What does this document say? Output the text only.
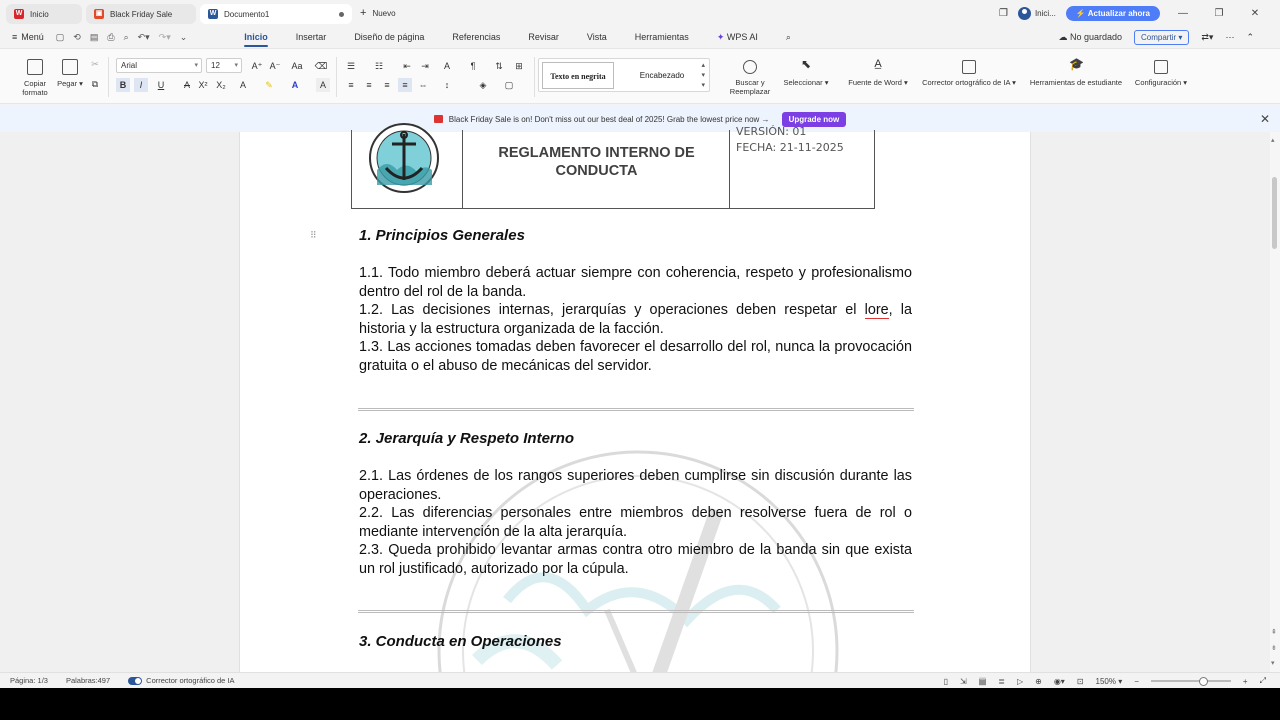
W Inicio	▣ Black Friday Sale	W Documento1	+ Nuevo	❐	Inici...	⚡ Actualizar ahora	—	❐	✕
≡ Menú ▢ ⟲ ▤ ⎙ ⌕ ↶▾ ↷▾ ⌄	Inicio	Insertar	Diseño de página	Referencias	Revisar	Vista	Herramientas	✦ WPS AI	⌕	☁ No guardado	Compartir ▾	⇄▾ ⋯ ⌃
Copiar formato
Pegar ▾
✂
⧉
Arial ▾	12 ▾	A⁺ A⁻ Aa ⌫
B	I	U	A X² X₂	A	✎	A	A
☰	☷	⇤	⇥	A	¶	⇅	⊞
≡	≡	≡	≡	⇔	↕	◈	▢
Texto en negrita	Encabezado
▴
▾
▾	Buscar y Reemplazar
⬉
Seleccionar ▾
A̲
Fuente de Word ▾	Corrector ortográfico de IA ▾
🎓
Herramientas de estudiante	Configuración ▾
Black Friday Sale is on! Don't miss out our best deal of 2025! Grab the lowest price now →	Upgrade now	✕
REGLAMENTO INTERNO DE CONDUCTA
VERSIÓN: 01
FECHA: 21-11-2025
⠿	1. Principios Generales
1.1. Todo miembro deberá actuar siempre con coherencia, respeto y profesionalismo dentro del rol de la banda.
1.2. Las decisiones internas, jerarquías y operaciones deben respetar el lore, la historia y la estructura organizada de la facción.
1.3. Las acciones tomadas deben favorecer el desarrollo del rol, nunca la provocación gratuita o el abuso de mecánicas del servidor.
2. Jerarquía y Respeto Interno
2.1. Las órdenes de los rangos superiores deben cumplirse sin discusión durante las operaciones.
2.2. Las diferencias personales entre miembros deben resolverse fuera de rol o mediante intervención de la alta jerarquía.
2.3. Queda prohibido levantar armas contra otro miembro de la banda sin que exista un rol justificado, autorizado por la cúpula.
3. Conducta en Operaciones
▴
⇞
⇟
▾
Página: 1/3 Palabras:497	Corrector ortográfico de IA	▯ ⇲ ▤ ≣ ▷ ⊕ ◉▾ ⊡ 150% ▾ −	+ ⤢
